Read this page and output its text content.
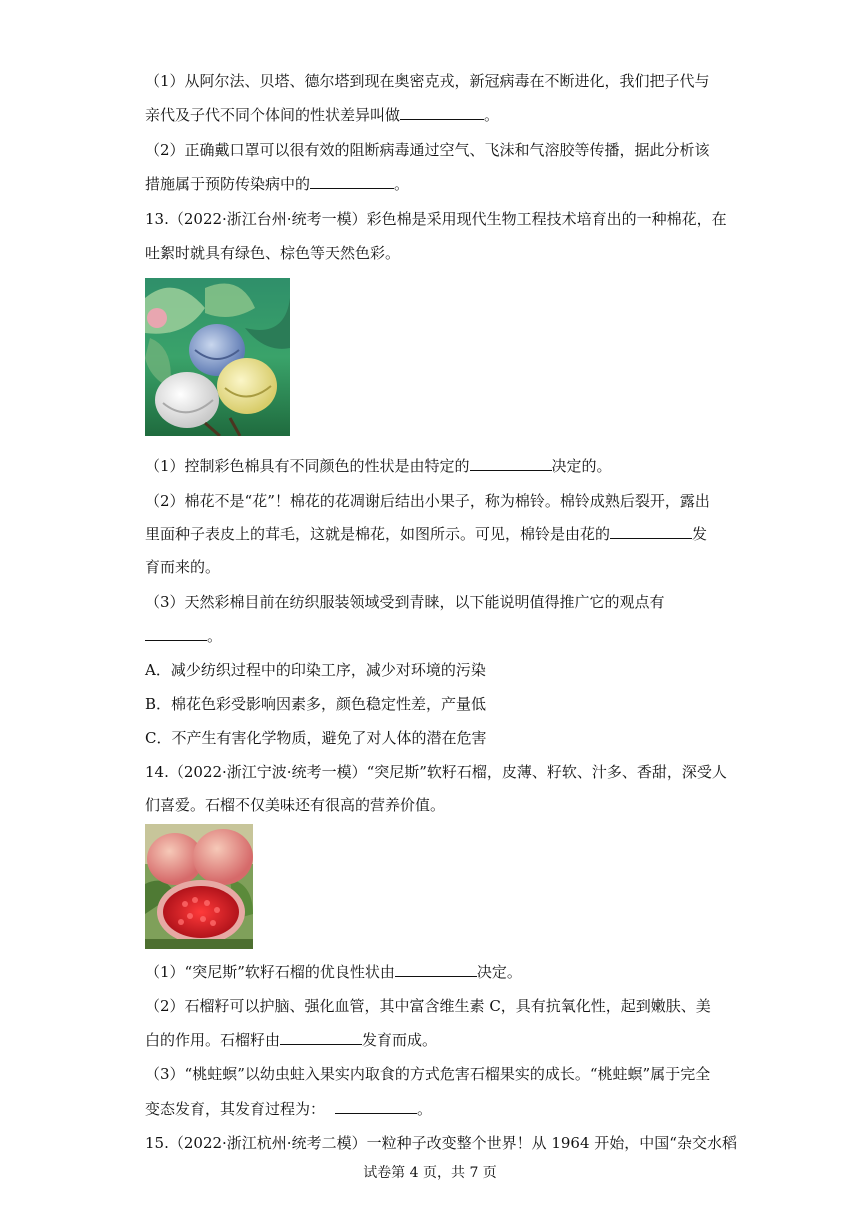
（1）从阿尔法、贝塔、德尔塔到现在奥密克戎，新冠病毒在不断进化，我们把子代与
亲代及子代不同个体间的性状差异叫做	。
（2）正确戴口罩可以很有效的阻断病毒通过空气、飞沫和气溶胶等传播，据此分析该
措施属于预防传染病中的	。
13.（2022·浙江台州·统考一模）彩色棉是采用现代生物工程技术培育出的一种棉花，在
吐絮时就具有绿色、棕色等天然色彩。
（1）控制彩色棉具有不同颜色的性状是由特定的	决定的。
（2）棉花不是“花”！棉花的花凋谢后结出小果子，称为棉铃。棉铃成熟后裂开，露出
里面种子表皮上的茸毛，这就是棉花，如图所示。可见，棉铃是由花的	发
育而来的。
（3）天然彩棉目前在纺织服装领域受到青睐，以下能说明值得推广它的观点有
。
A．减少纺织过程中的印染工序，减少对环境的污染
B．棉花色彩受影响因素多，颜色稳定性差，产量低
C．不产生有害化学物质，避免了对人体的潜在危害
14.（2022·浙江宁波·统考一模）“突尼斯”软籽石榴，皮薄、籽软、汁多、香甜，深受人
们喜爱。石榴不仅美味还有很高的营养价值。
（1）“突尼斯”软籽石榴的优良性状由	决定。
（2）石榴籽可以护脑、强化血管，其中富含维生素 C，具有抗氧化性，起到嫩肤、美
白的作用。石榴籽由	发育而成。
（3）“桃蛀螟”以幼虫蛀入果实内取食的方式危害石榴果实的成长。“桃蛀螟”属于完全
变态发育，其发育过程为：	。
15.（2022·浙江杭州·统考二模）一粒种子改变整个世界！从 1964 开始，中国“杂交水稻
试卷第 4 页，共 7 页
